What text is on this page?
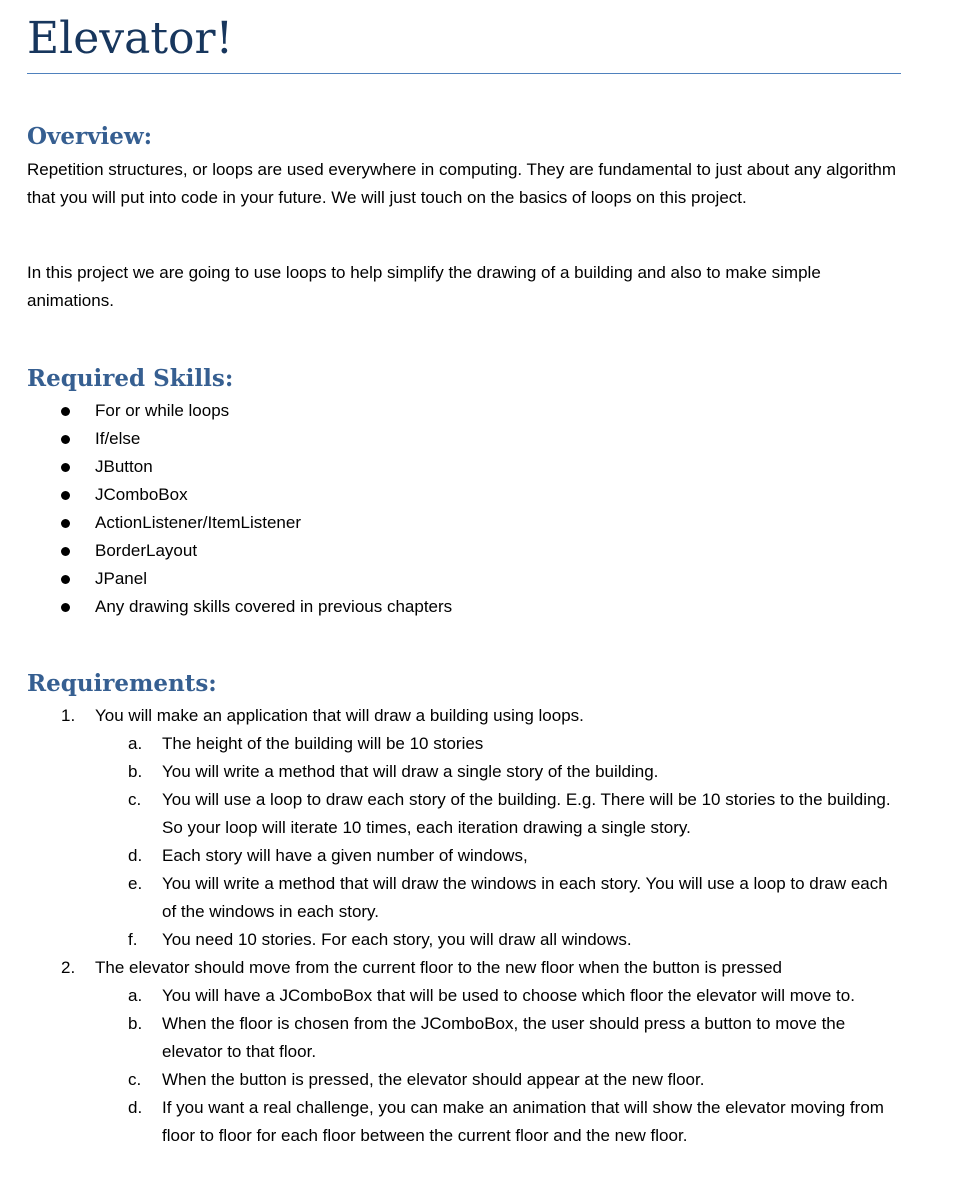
Elevator!
Overview:

Repetition structures, or loops are used everywhere in computing. They are fundamental to just about any algorithm that you will put into code in your future. We will just touch on the basics of loops on this project.

In this project we are going to use loops to help simplify the drawing of a building and also to make simple animations.

Required Skills:
For or while loops
If/else
JButton
JComboBox
ActionListener/ItemListener
BorderLayout
JPanel
Any drawing skills covered in previous chapters
Requirements:
1. You will make an application that will draw a building using loops.
a. The height of the building will be 10 stories
b. You will write a method that will draw a single story of the building.
c. You will use a loop to draw each story of the building. E.g. There will be 10 stories to the building. So your loop will iterate 10 times, each iteration drawing a single story.
d. Each story will have a given number of windows,
e. You will write a method that will draw the windows in each story. You will use a loop to draw each of the windows in each story.
f. You need 10 stories. For each story, you will draw all windows.
2. The elevator should move from the current floor to the new floor when the button is pressed
a. You will have a JComboBox that will be used to choose which floor the elevator will move to.
b. When the floor is chosen from the JComboBox, the user should press a button to move the elevator to that floor.
c. When the button is pressed, the elevator should appear at the new floor.
d. If you want a real challenge, you can make an animation that will show the elevator moving from floor to floor for each floor between the current floor and the new floor.
